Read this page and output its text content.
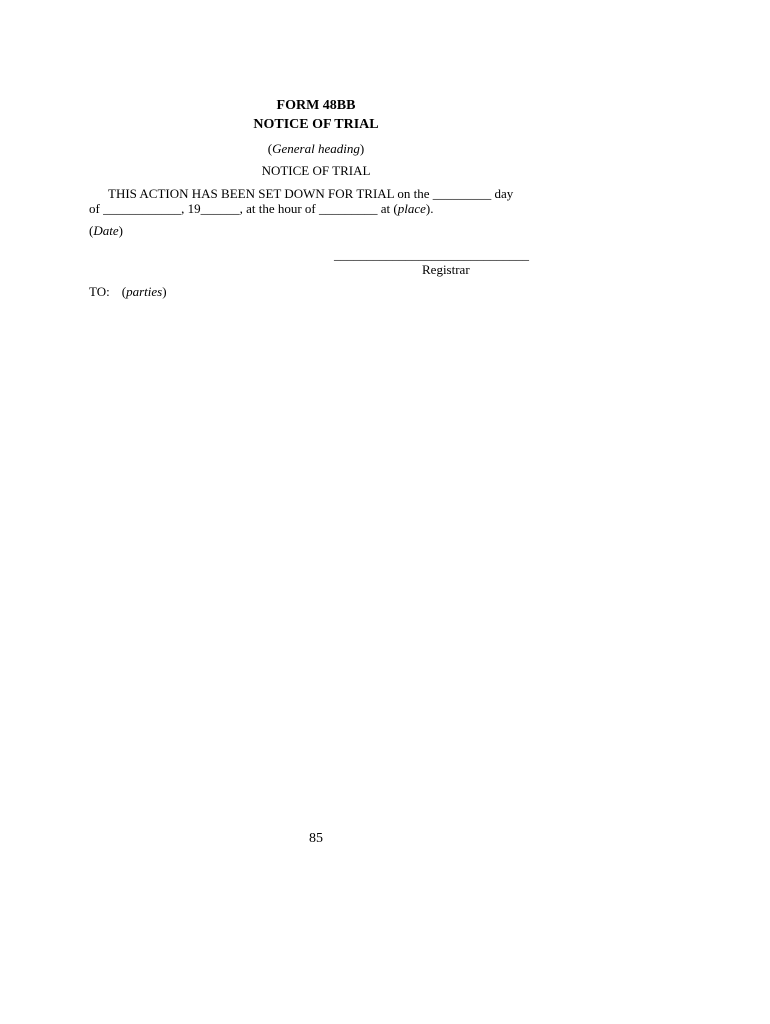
FORM 48BB
NOTICE OF TRIAL
(General heading)
NOTICE OF TRIAL
THIS ACTION HAS BEEN SET DOWN FOR TRIAL on the _________ day
of ____________, 19______, at the hour of _________ at (place).
(Date)
______________________________
Registrar
TO: (parties)
85
